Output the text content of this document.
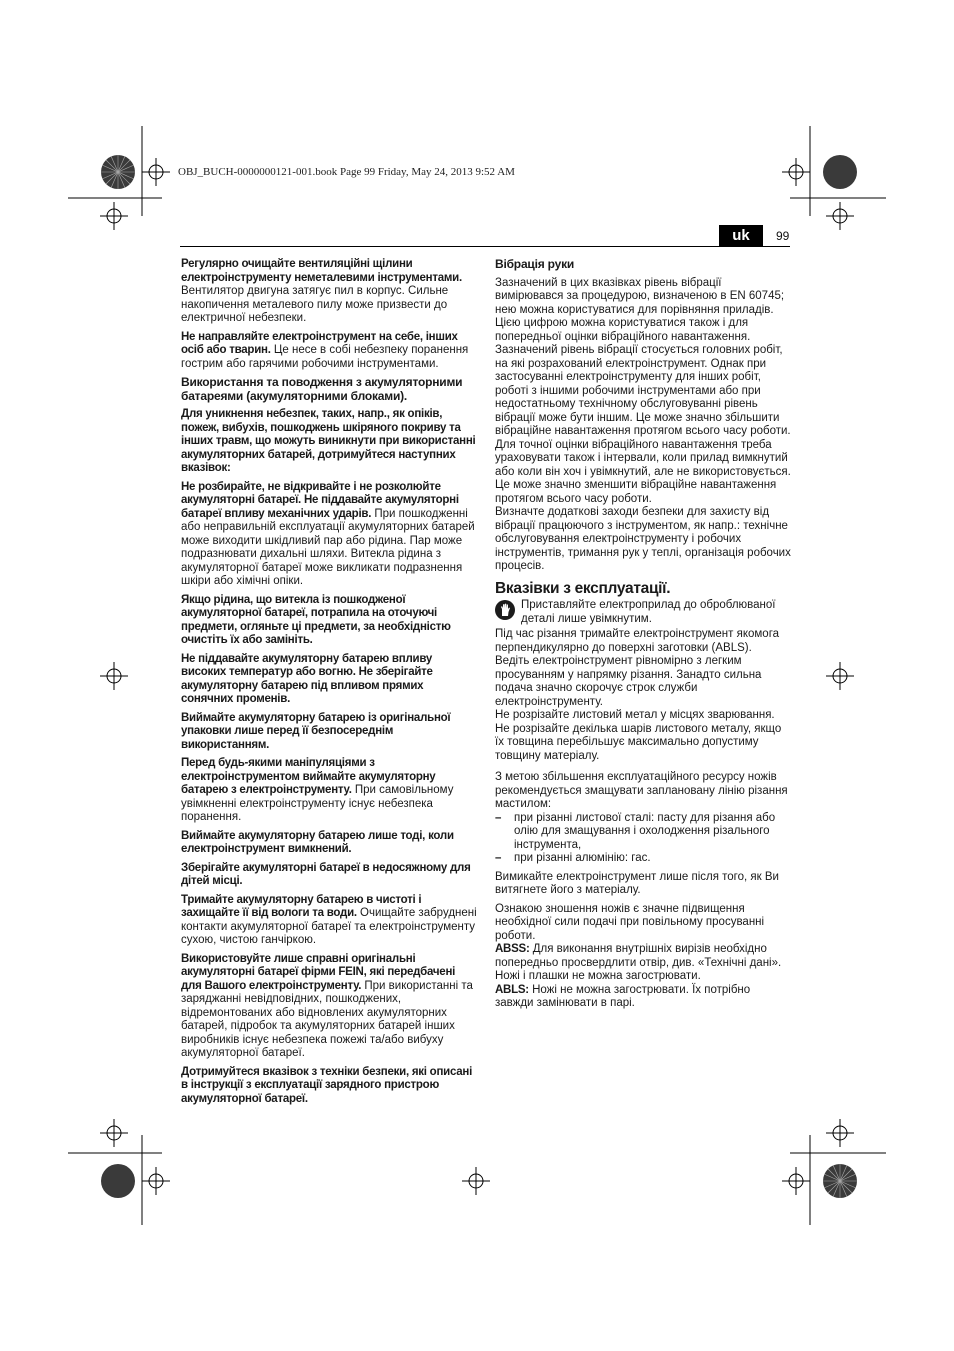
OBJ_BUCH-0000000121-001.book Page 99 Friday, May 24, 2013 9:52 AM
uk	99

Регулярно очищайте вентиляційні щілини електроінструменту неметалевими інструментами. Вентилятор двигуна затягує пил в корпус. Сильне накопичення металевого пилу може призвести до електричної небезпеки.

Не направляйте електроінструмент на себе, інших осіб або тварин. Це несе в собі небезпеку поранення гострим або гарячими робочими інструментами.

Використання та поводження з акумуляторними батареями (акумуляторними блоками).

Для уникнення небезпек, таких, напр., як опіків, пожеж, вибухів, пошкоджень шкіряного покриву та інших травм, що можуть виникнути при використанні акумуляторних батарей, дотримуйтеся наступних вказівок:

Не розбирайте, не відкривайте і не розколюйте акумуляторні батареї. Не піддавайте акумуляторні батареї впливу механічних ударів. При пошкодженні або неправильній експлуатації акумуляторних батарей може виходити шкідливий пар або рідина. Пар може подразнювати дихальні шляхи. Витекла рідина з акумуляторної батареї може викликати подразнення шкіри або хімічні опіки.

Якщо рідина, що витекла із пошкодженої акумуляторної батареї, потрапила на оточуючі предмети, огляньте ці предмети, за необхідністю очистіть їх або замініть.

Не піддавайте акумуляторну батарею впливу високих температур або вогню. Не зберігайте акумуляторну батарею під впливом прямих сонячних променів.

Виймайте акумуляторну батарею із оригінальної упаковки лише перед її безпосереднім використанням.

Перед будь-якими маніпуляціями з електроінструментом виймайте акумуляторну батарею з електроінструменту. При самовільному увімкненні електроінструменту існує небезпека поранення.

Виймайте акумуляторну батарею лише тоді, коли електроінструмент вимкнений.

Зберігайте акумуляторні батареї в недосяжному для дітей місці.

Тримайте акумуляторну батарею в чистоті і захищайте її від вологи та води. Очищайте забруднені контакти акумуляторної батареї та електроінструменту сухою, чистою ганчіркою.

Використовуйте лише справні оригінальні акумуляторні батареї фірми FEIN, які передбачені для Вашого електроінструменту. При використанні та заряджанні невідповідних, пошкоджених, відремонтованих або відновлених акумуляторних батарей, підробок та акумуляторних батарей інших виробників існує небезпека пожежі та/або вибуху акумуляторної батареї.

Дотримуйтеся вказівок з техніки безпеки, які описані в інструкції з експлуатації зарядного пристрою акумуляторної батареї.

Вібрація руки

Зазначений в цих вказівках рівень вібрації вимірювався за процедурою, визначеною в EN 60745; нею можна користуватися для порівняння приладів. Цією цифрою можна користуватися також і для попередньої оцінки вібраційного навантаження.

Зазначений рівень вібрації стосується головних робіт, на які розрахований електроінструмент. Однак при застосуванні електроінструменту для інших робіт, роботі з іншими робочими інструментами або при недостатньому технічному обслуговуванні рівень вібрації може бути іншим. Це може значно збільшити вібраційне навантаження протягом всього часу роботи.

Для точної оцінки вібраційного навантаження треба ураховувати також і інтервали, коли прилад вимкнутий або коли він хоч і увімкнутий, але не використовується. Це може значно зменшити вібраційне навантаження протягом всього часу роботи.

Визначте додаткові заходи безпеки для захисту від вібрації працюючого з інструментом, як напр.: технічне обслуговування електроінструменту і робочих інструментів, тримання рук у теплі, організація робочих процесів.

Вказівки з експлуатації.
Приставляйте електроприлад до оброблюваної деталі лише увімкнутим.

Під час різання тримайте електроінструмент якомога перпендикулярно до поверхні заготовки (ABLS).

Ведіть електроінструмент рівномірно з легким просуванням у напрямку різання. Занадто сильна подача значно скорочує строк служби електроінструменту.

Не розрізайте листовий метал у місцях зварювання.

Не розрізайте декілька шарів листового металу, якщо їх товщина перебільшує максимально допустиму товщину матеріалу.

З метою збільшення експлуатаційного ресурсу ножів рекомендується змащувати заплановану лінію різання мастилом:

– при різанні листової сталі: пасту для різання або олію для змащування і охолодження різального інструмента,
– при різанні алюмінію: гас.

Вимикайте електроінструмент лише після того, як Ви витягнете його з матеріалу.

Ознакою зношення ножів є значне підвищення необхідної сили подачі при повільному просуванні роботи.

ABSS: Для виконання внутрішніх вирізів необхідно попередньо просвердлити отвір, див. «Технічні дані».

Ножі і плашки не можна загострювати.

ABLS: Ножі не можна загострювати. Їх потрібно завжди замінювати в парі.
